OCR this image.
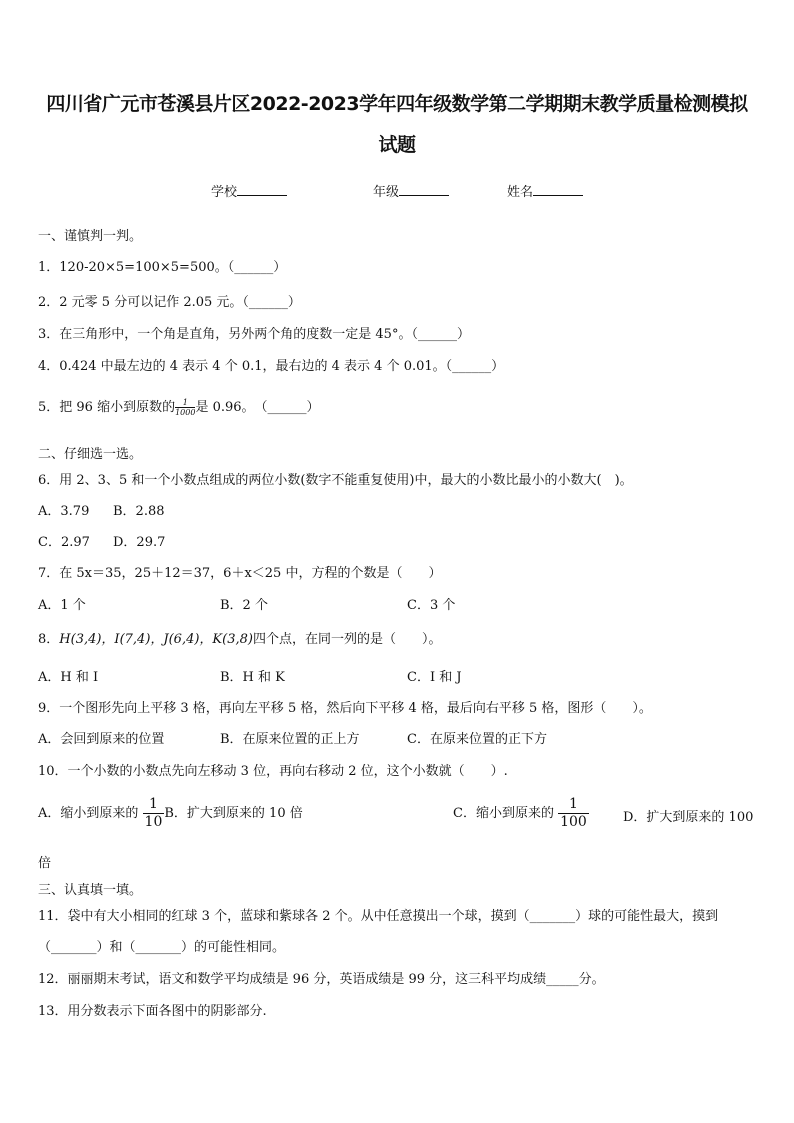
四川省广元市苍溪县片区2022-2023学年四年级数学第二学期期末教学质量检测模拟
试题
学校	年级	姓名
一、谨慎判一判。
1．120-20×5=100×5=500。（______）
2．2 元零 5 分可以记作 2.05 元。（______）
3．在三角形中，一个角是直角，另外两个角的度数一定是 45°。（______）
4．0.424 中最左边的 4 表示 4 个 0.1，最右边的 4 表示 4 个 0.01。（______）
5．把 96 缩小到原数的 $\frac{1}{1000}$ 是 0.96。　（______）
二、仔细选一选。
6．用 2、3、5 和一个小数点组成的两位小数(数字不能重复使用)中，最大的小数比最小的小数大(　)。
A．3.79 B．2.88
C．2.97 D．29.7
7．在 5x＝35，25＋12＝37，6＋x＜25 中，方程的个数是（　　）
A．1 个	B．2 个	C．3 个
8．H(3,4)，I(7,4)，J(6,4)，K(3,8)四个点，在同一列的是（　　）。
A．H 和 I	B．H 和 K	C．I 和 J
9．一个图形先向上平移 3 格，再向左平移 5 格，然后向下平移 4 格，最后向右平移 5 格，图形（　　）。
A．会回到原来的位置	B．在原来位置的正上方	C．在原来位置的正下方
10．一个小数的小数点先向左移动 3 位，再向右移动 2 位，这个小数就（　　）.
A．缩小到原来的 $\frac{1}{10}$ B．扩大到原来的 10 倍	C．缩小到原来的 $\frac{1}{100}$	D．扩大到原来的 100
倍
三、认真填一填。
11．袋中有大小相同的红球 3 个，蓝球和紫球各 2 个。从中任意摸出一个球，摸到（_______）球的可能性最大，摸到
（_______）和（_______）的可能性相同。
12．丽丽期末考试，语文和数学平均成绩是 96 分，英语成绩是 99 分，这三科平均成绩_____分。
13．用分数表示下面各图中的阴影部分.
